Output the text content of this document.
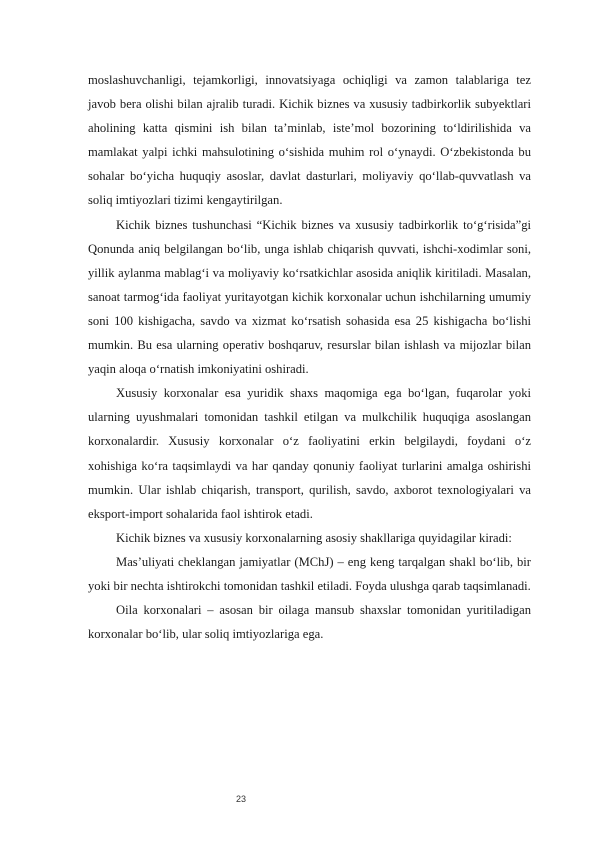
moslashuvchanligi, tejamkorligi, innovatsiyaga ochiqligi va zamon talablariga tez javob bera olishi bilan ajralib turadi. Kichik biznes va xususiy tadbirkorlik subyektlari aholining katta qismini ish bilan ta’minlab, iste’mol bozorining to‘ldirilishida va mamlakat yalpi ichki mahsulotining o‘sishida muhim rol o‘ynaydi. O‘zbekistonda bu sohalar bo‘yicha huquqiy asoslar, davlat dasturlari, moliyaviy qo‘llab-quvvatlash va soliq imtiyozlari tizimi kengaytirilgan.

Kichik biznes tushunchasi “Kichik biznes va xususiy tadbirkorlik to‘g‘risida”gi Qonunda aniq belgilangan bo‘lib, unga ishlab chiqarish quvvati, ishchi-xodimlar soni, yillik aylanma mablag‘i va moliyaviy ko‘rsatkichlar asosida aniqlik kiritiladi. Masalan, sanoat tarmog‘ida faoliyat yuritayotgan kichik korxonalar uchun ishchilarning umumiy soni 100 kishigacha, savdo va xizmat ko‘rsatish sohasida esa 25 kishigacha bo‘lishi mumkin. Bu esa ularning operativ boshqaruv, resurslar bilan ishlash va mijozlar bilan yaqin aloqa o‘rnatish imkoniyatini oshiradi.

Xususiy korxonalar esa yuridik shaxs maqomiga ega bo‘lgan, fuqarolar yoki ularning uyushmalari tomonidan tashkil etilgan va mulkchilik huquqiga asoslangan korxonalardir. Xususiy korxonalar o‘z faoliyatini erkin belgilaydi, foydani o‘z xohishiga ko‘ra taqsimlaydi va har qanday qonuniy faoliyat turlarini amalga oshirishi mumkin. Ular ishlab chiqarish, transport, qurilish, savdo, axborot texnologiyalari va eksport-import sohalarida faol ishtirok etadi.

Kichik biznes va xususiy korxonalarning asosiy shakllariga quyidagilar kiradi:

Mas’uliyati cheklangan jamiyatlar (MChJ) – eng keng tarqalgan shakl bo‘lib, bir yoki bir nechta ishtirokchi tomonidan tashkil etiladi. Foyda ulushga qarab taqsimlanadi.

Oila korxonalari – asosan bir oilaga mansub shaxslar tomonidan yuritiladigan korxonalar bo‘lib, ular soliq imtiyozlariga ega.

23
